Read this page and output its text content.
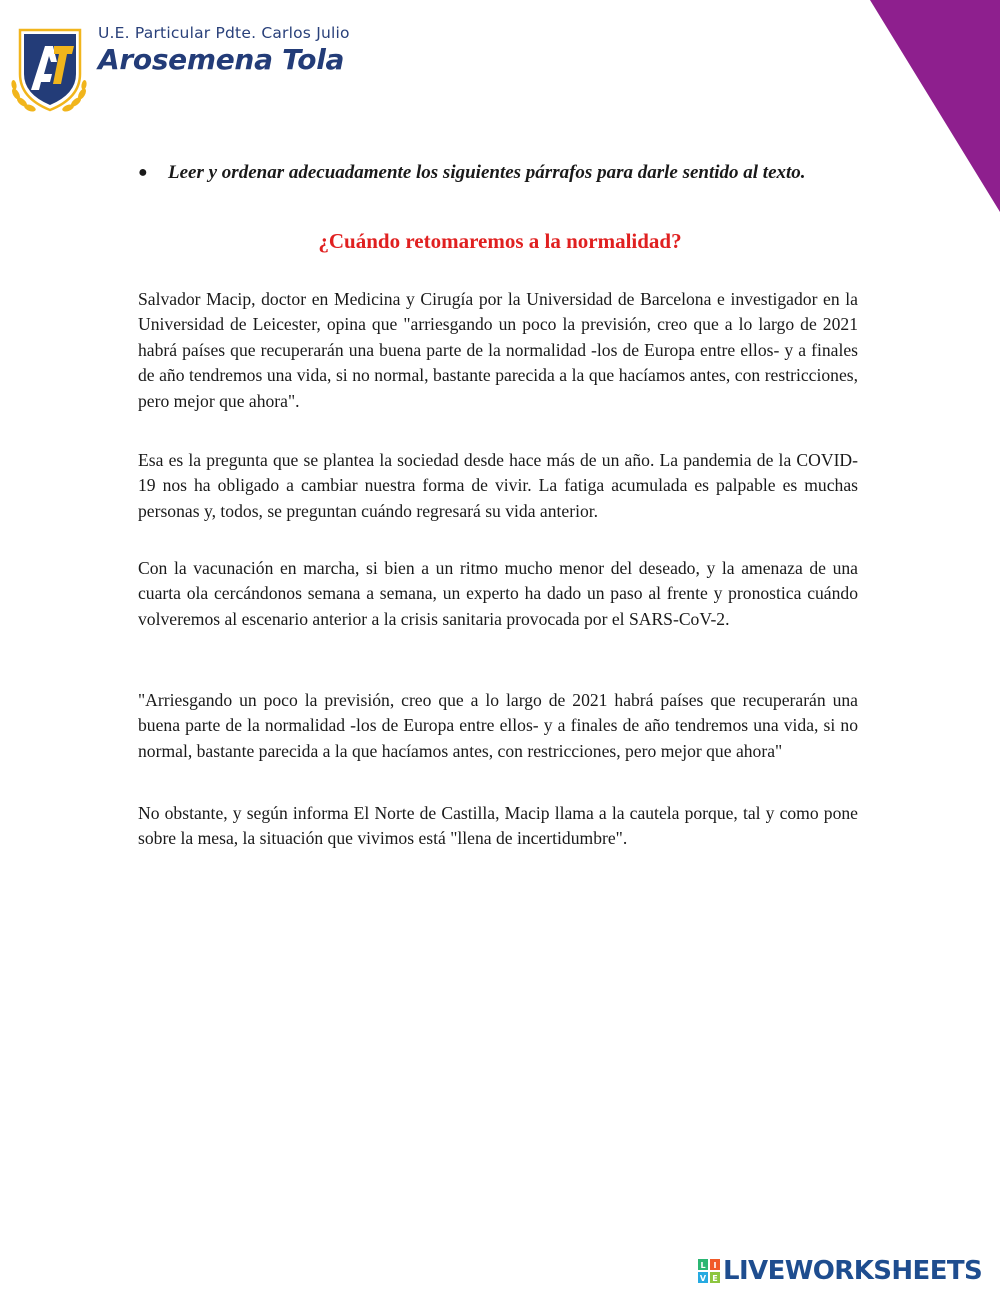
U.E. Particular Pdte. Carlos Julio
Arosemena Tola
●	Leer y ordenar adecuadamente los siguientes párrafos para darle sentido al texto.
¿Cuándo retomaremos a la normalidad?
Salvador Macip, doctor en Medicina y Cirugía por la Universidad de Barcelona e investigador en la Universidad de Leicester, opina que "arriesgando un poco la previsión, creo que a lo largo de 2021 habrá países que recuperarán una buena parte de la normalidad -los de Europa entre ellos- y a finales de año tendremos una vida, si no normal, bastante parecida a la que hacíamos antes, con restricciones, pero mejor que ahora".
Esa es la pregunta que se plantea la sociedad desde hace más de un año. La pandemia de la COVID-19 nos ha obligado a cambiar nuestra forma de vivir. La fatiga acumulada es palpable es muchas personas y, todos, se preguntan cuándo regresará su vida anterior.
Con la vacunación en marcha, si bien a un ritmo mucho menor del deseado, y la amenaza de una cuarta ola cercándonos semana a semana, un experto ha dado un paso al frente y pronostica cuándo volveremos al escenario anterior a la crisis sanitaria provocada por el SARS-CoV-2.
"Arriesgando un poco la previsión, creo que a lo largo de 2021 habrá países que recuperarán una buena parte de la normalidad -los de Europa entre ellos- y a finales de año tendremos una vida, si no normal, bastante parecida a la que hacíamos antes, con restricciones, pero mejor que ahora"
No obstante, y según informa El Norte de Castilla, Macip llama a la cautela porque, tal y como pone sobre la mesa, la situación que vivimos está "llena de incertidumbre".
L I
V E LIVEWORKSHEETS
